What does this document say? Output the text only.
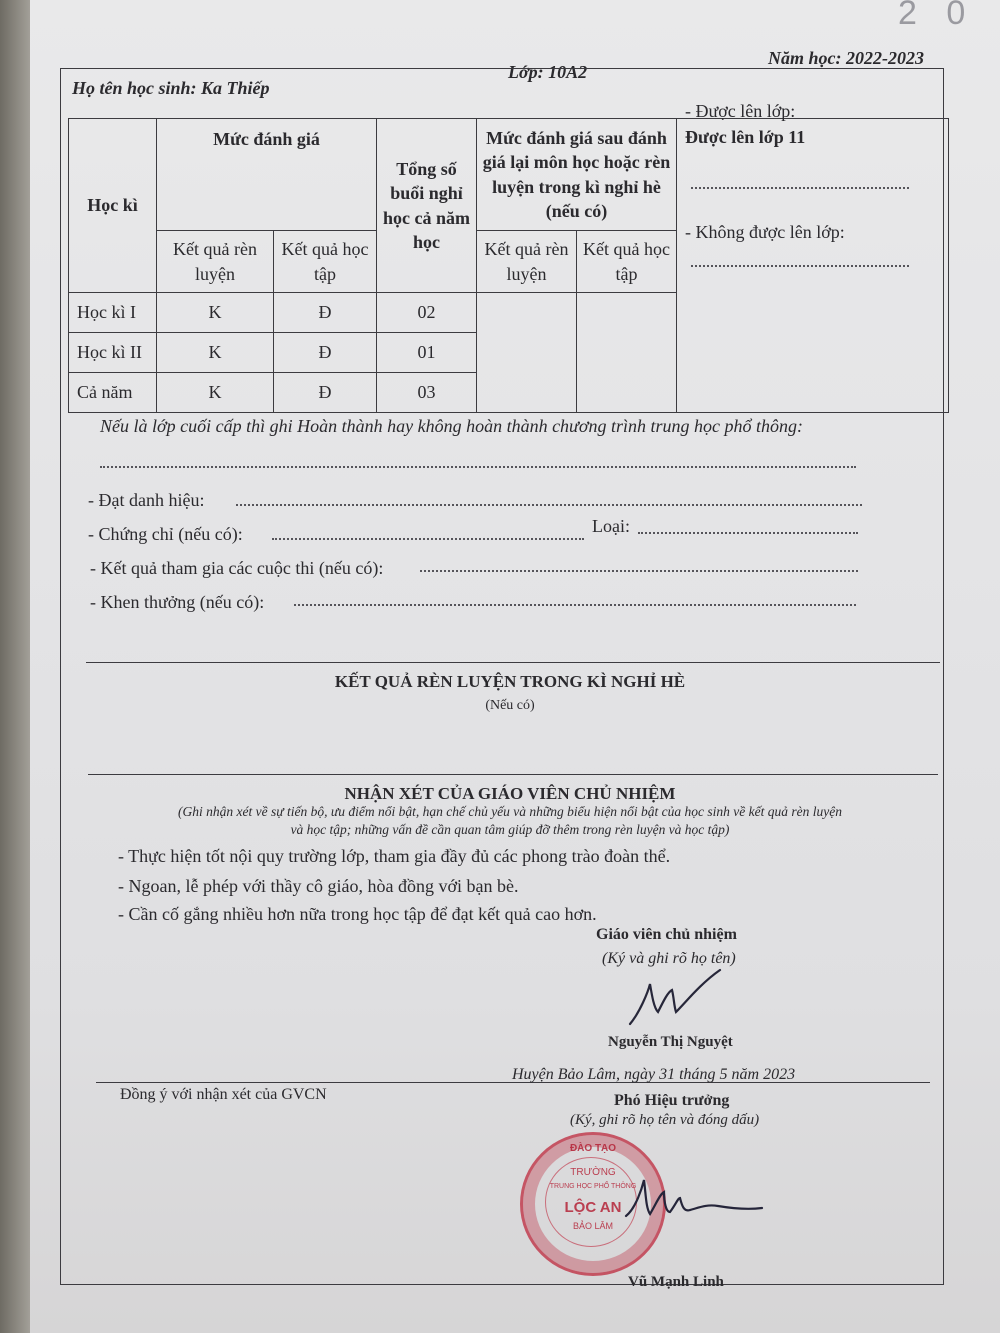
2 0
Năm học: 2022-2023
Họ tên học sinh: Ka Thiếp
Lớp: 10A2
Học kì	Mức đánh giá		Tổng số buổi nghỉ học cả năm học	Mức đánh giá sau đánh giá lại môn học hoặc rèn luyện trong kì nghỉ hè (nếu có)		- Được lên lớp:
Được lên lớp 11
- Không được lên lớp:

	Kết quả rèn luyện	Kết quả học tập		Kết quả rèn luyện	Kết quả học tập	
Học kì I	K	Đ	02			
Học kì II	K	Đ	01			
Cả năm	K	Đ	03			
Nếu là lớp cuối cấp thì ghi Hoàn thành hay không hoàn thành chương trình trung học phổ thông:
- Đạt danh hiệu:
- Chứng chỉ (nếu có):	Loại:
- Kết quả tham gia các cuộc thi (nếu có):
- Khen thưởng (nếu có):
KẾT QUẢ RÈN LUYỆN TRONG KÌ NGHỈ HÈ
(Nếu có)
NHẬN XÉT CỦA GIÁO VIÊN CHỦ NHIỆM
(Ghi nhận xét về sự tiến bộ, ưu điểm nổi bật, hạn chế chủ yếu và những biểu hiện nổi bật của học sinh về kết quả rèn luyện
và học tập; những vấn đề cần quan tâm giúp đỡ thêm trong rèn luyện và học tập)
- Thực hiện tốt nội quy trường lớp, tham gia đầy đủ các phong trào đoàn thể.
- Ngoan, lễ phép với thầy cô giáo, hòa đồng với bạn bè.
- Cần cố gắng nhiều hơn nữa trong học tập để đạt kết quả cao hơn.
Giáo viên chủ nhiệm
(Ký và ghi rõ họ tên)
Nguyễn Thị Nguyệt
Đồng ý với nhận xét của GVCN
Huyện Bảo Lâm, ngày 31 tháng 5 năm 2023
Phó Hiệu trưởng
(Ký, ghi rõ họ tên và đóng dấu)
ĐÀO TẠO
TRƯỜNG
TRUNG HỌC PHỔ THÔNG
LỘC AN
BẢO LÂM
Vũ Mạnh Linh
